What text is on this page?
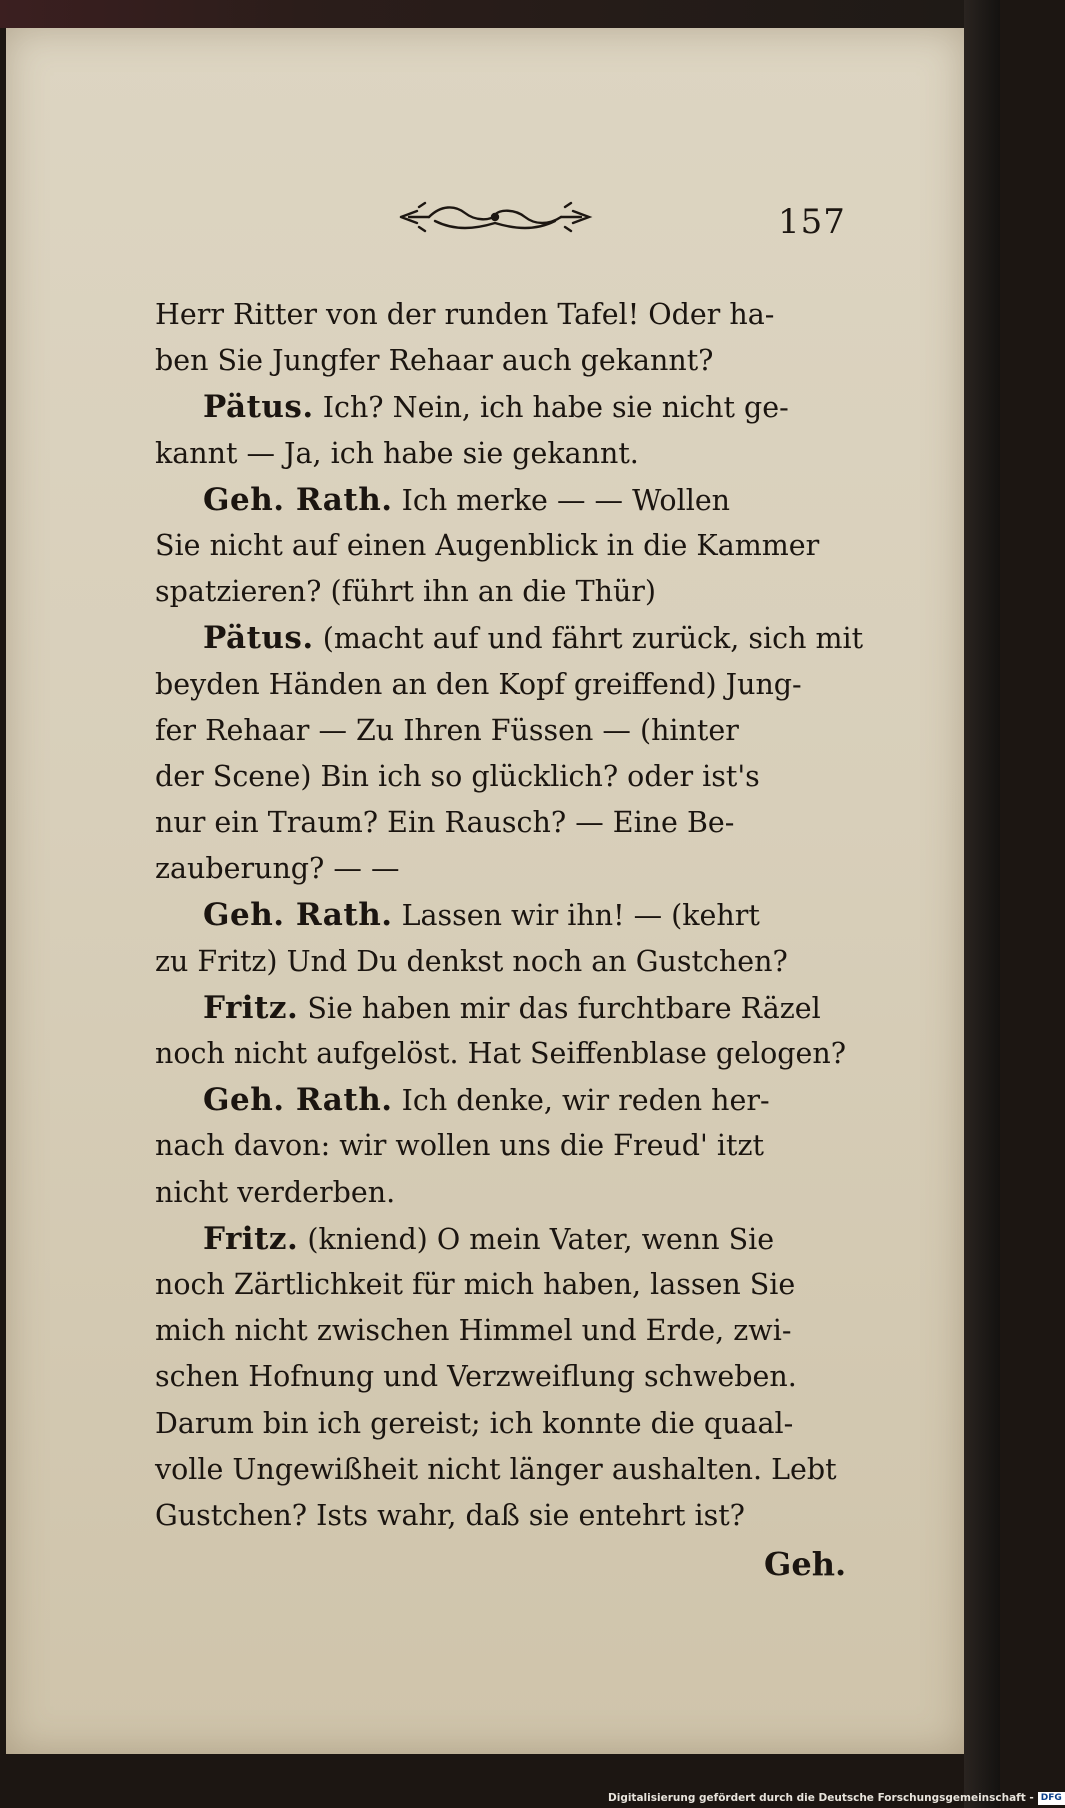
157
Herr Ritter von der runden Tafel! Oder ha-
ben Sie Jungfer Rehaar auch gekannt?
Pätus. Ich? Nein, ich habe sie nicht ge-
kannt — Ja, ich habe sie gekannt.
Geh. Rath. Ich merke — — Wollen
Sie nicht auf einen Augenblick in die Kammer
spatzieren? (führt ihn an die Thür)
Pätus. (macht auf und fährt zurück, sich mit
beyden Händen an den Kopf greiffend) Jung-
fer Rehaar — Zu Ihren Füssen — (hinter
der Scene) Bin ich so glücklich? oder ist's
nur ein Traum? Ein Rausch? — Eine Be-
zauberung? — —
Geh. Rath. Lassen wir ihn! — (kehrt
zu Fritz) Und Du denkst noch an Gustchen?
Fritz. Sie haben mir das furchtbare Räzel
noch nicht aufgelöst. Hat Seiffenblase gelogen?
Geh. Rath. Ich denke, wir reden her-
nach davon: wir wollen uns die Freud' itzt
nicht verderben.
Fritz. (kniend) O mein Vater, wenn Sie
noch Zärtlichkeit für mich haben, lassen Sie
mich nicht zwischen Himmel und Erde, zwi-
schen Hofnung und Verzweiflung schweben.
Darum bin ich gereist; ich konnte die quaal-
volle Ungewißheit nicht länger aushalten. Lebt
Gustchen? Ists wahr, daß sie entehrt ist?
Geh.
Digitalisierung gefördert durch die Deutsche Forschungsgemeinschaft - DFG
